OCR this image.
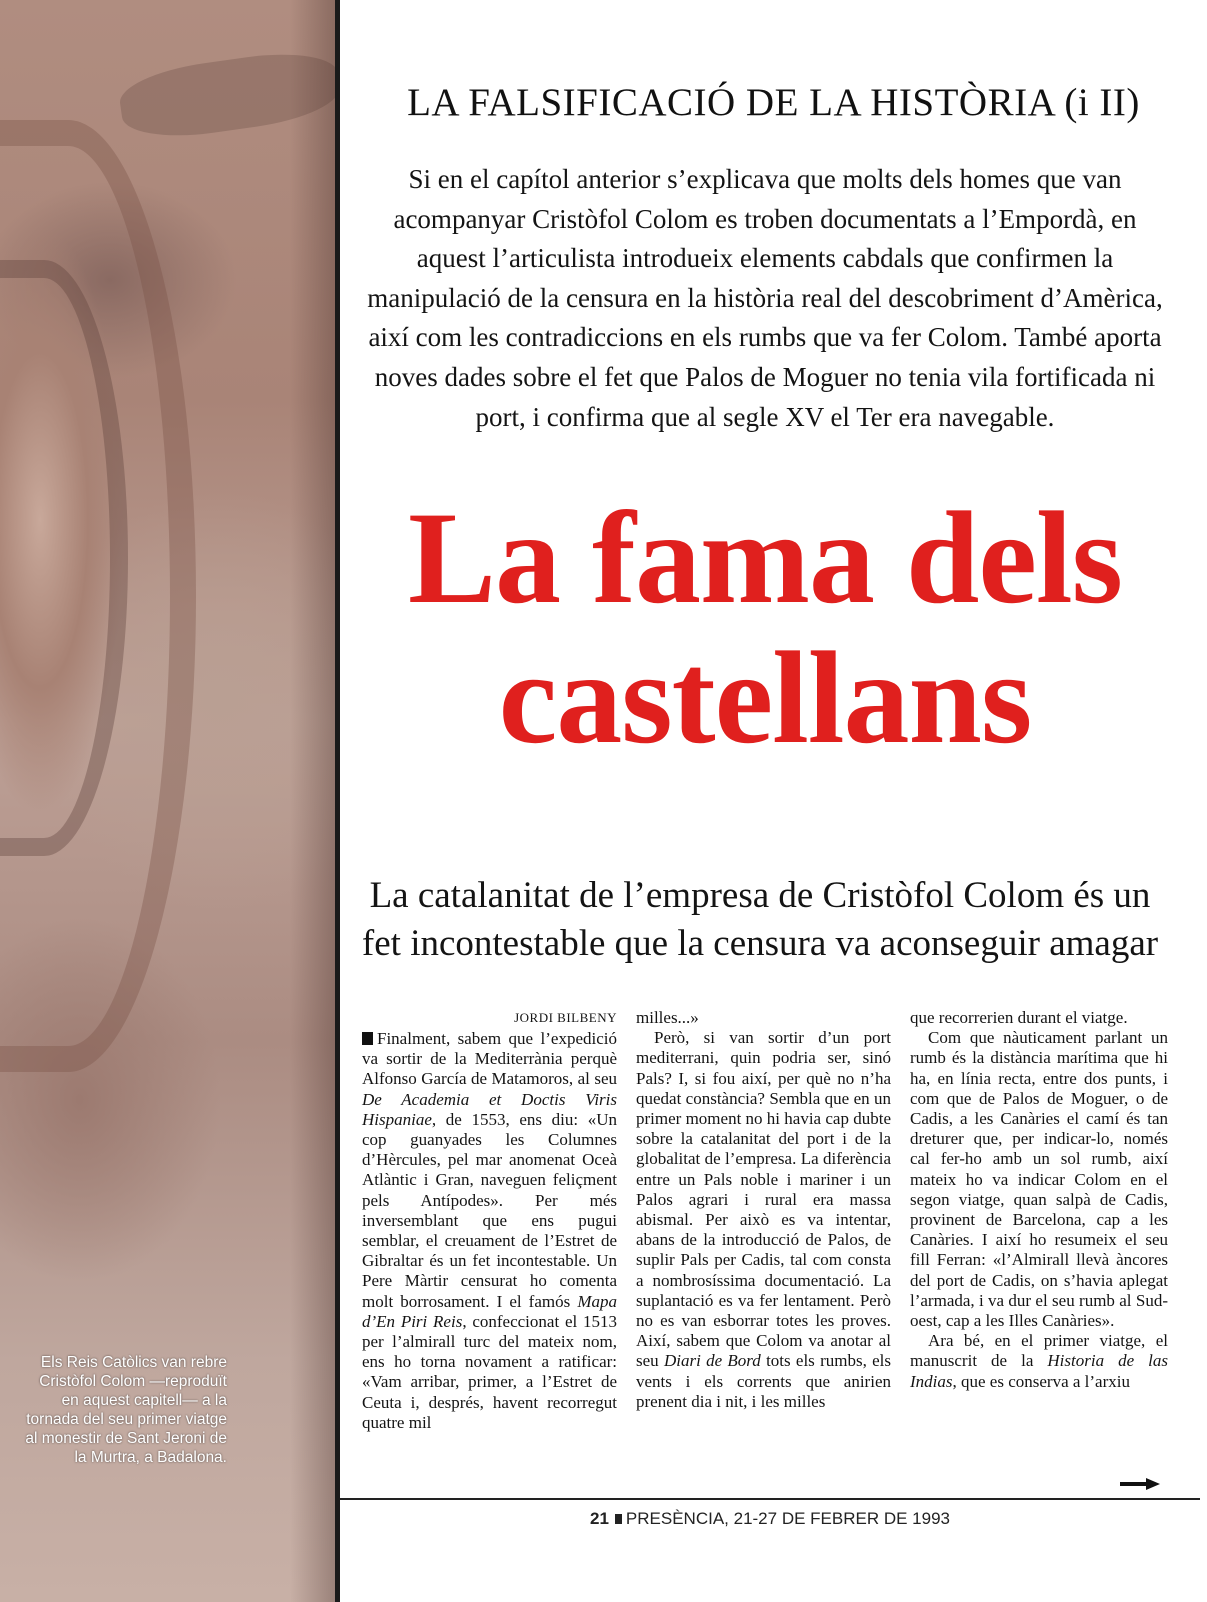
Els Reis Catòlics van rebre Cristòfol Colom —reproduït en aquest capitell— a la tornada del seu primer viatge al monestir de Sant Jeroni de la Murtra, a Badalona.
LA FALSIFICACIÓ DE LA HISTÒRIA (i II)
Si en el capítol anterior s’explicava que molts dels homes que van acompanyar Cristòfol Colom es troben documentats a l’Empordà, en aquest l’articulista introdueix elements cabdals que confirmen la manipulació de la censura en la història real del descobriment d’Amèrica, així com les contradiccions en els rumbs que va fer Colom. També aporta noves dades sobre el fet que Palos de Moguer no tenia vila fortificada ni port, i confirma que al segle XV el Ter era navegable.
La fama dels
castellans
La catalanitat de l’empresa de Cristòfol Colom és un fet incontestable que la censura va aconseguir amagar
JORDI BILBENY

Finalment, sabem que l’expedició va sortir de la Mediterrània perquè Alfonso García de Matamoros, al seu De Academia et Doctis Viris Hispaniae, de 1553, ens diu: «Un cop guanyades les Columnes d’Hèrcules, pel mar anomenat Oceà Atlàntic i Gran, naveguen feliçment pels Antípodes». Per més inversemblant que ens pugui semblar, el creuament de l’Estret de Gibraltar és un fet incontestable. Un Pere Màrtir censurat ho comenta molt borrosament. I el famós Mapa d’En Piri Reis, confeccionat el 1513 per l’almirall turc del mateix nom, ens ho torna novament a ratificar: «Vam arribar, primer, a l’Estret de Ceuta i, després, havent recorregut quatre mil

milles...»

Però, si van sortir d’un port mediterrani, quin podria ser, sinó Pals? I, si fou així, per què no n’ha quedat constància? Sembla que en un primer moment no hi havia cap dubte sobre la catalanitat del port i de la globalitat de l’empresa. La diferència entre un Pals noble i mariner i un Palos agrari i rural era massa abismal. Per això es va intentar, abans de la introducció de Palos, de suplir Pals per Cadis, tal com consta a nombrosíssima documentació. La suplantació es va fer lentament. Però no es van esborrar totes les proves. Així, sabem que Colom va anotar al seu Diari de Bord tots els rumbs, els vents i els corrents que anirien prenent dia i nit, i les milles

que recorrerien durant el viatge.

Com que nàuticament parlant un rumb és la distància marítima que hi ha, en línia recta, entre dos punts, i com que de Palos de Moguer, o de Cadis, a les Canàries el camí és tan dreturer que, per indicar-lo, només cal fer-ho amb un sol rumb, així mateix ho va indicar Colom en el segon viatge, quan salpà de Cadis, provinent de Barcelona, cap a les Canàries. I així ho resumeix el seu fill Ferran: «l’Almirall llevà àncores del port de Cadis, on s’havia aplegat l’armada, i va dur el seu rumb al Sud-oest, cap a les Illes Canàries».

Ara bé, en el primer viatge, el manuscrit de la Historia de las Indias, que es conserva a l’arxiu

21 PRESÈNCIA, 21-27 DE FEBRER DE 1993
